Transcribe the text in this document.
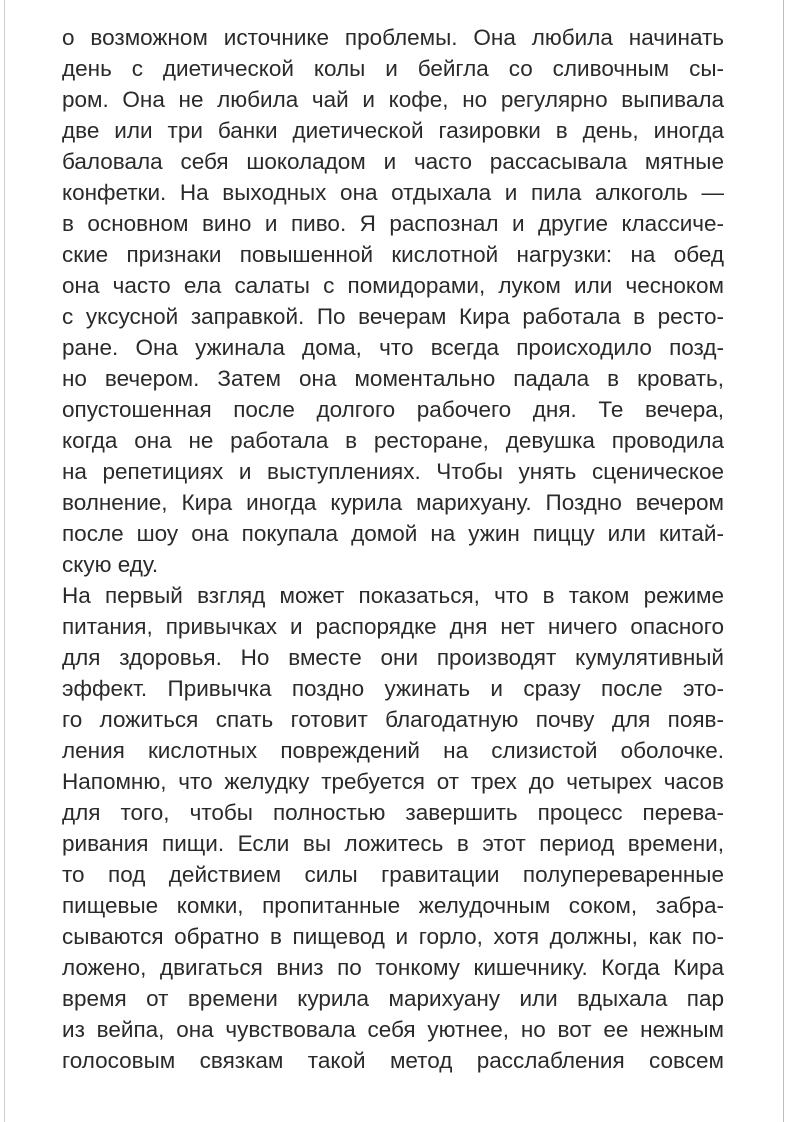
о возможном источнике проблемы. Она любила начинать
день с диетической колы и бейгла со сливочным сы-
ром. Она не любила чай и кофе, но регулярно выпивала
две или три банки диетической газировки в день, иногда
баловала себя шоколадом и часто рассасывала мятные
конфетки. На выходных она отдыхала и пила алкоголь —
в основном вино и пиво. Я распознал и другие классиче-
ские признаки повышенной кислотной нагрузки: на обед
она часто ела салаты с помидорами, луком или чесноком
с уксусной заправкой. По вечерам Кира работала в ресто-
ране. Она ужинала дома, что всегда происходило позд-
но вечером. Затем она моментально падала в кровать,
опустошенная после долгого рабочего дня. Те вечера,
когда она не работала в ресторане, девушка проводила
на репетициях и выступлениях. Чтобы унять сценическое
волнение, Кира иногда курила марихуану. Поздно вечером
после шоу она покупала домой на ужин пиццу или китай-
скую еду.
На первый взгляд может показаться, что в таком режиме
питания, привычках и распорядке дня нет ничего опасного
для здоровья. Но вместе они производят кумулятивный
эффект. Привычка поздно ужинать и сразу после это-
го ложиться спать готовит благодатную почву для появ-
ления кислотных повреждений на слизистой оболочке.
Напомню, что желудку требуется от трех до четырех часов
для того, чтобы полностью завершить процесс перева-
ривания пищи. Если вы ложитесь в этот период времени,
то под действием силы гравитации полупереваренные
пищевые комки, пропитанные желудочным соком, забра-
сываются обратно в пищевод и горло, хотя должны, как по-
ложено, двигаться вниз по тонкому кишечнику. Когда Кира
время от времени курила марихуану или вдыхала пар
из вейпа, она чувствовала себя уютнее, но вот ее нежным
голосовым связкам такой метод расслабления совсем
